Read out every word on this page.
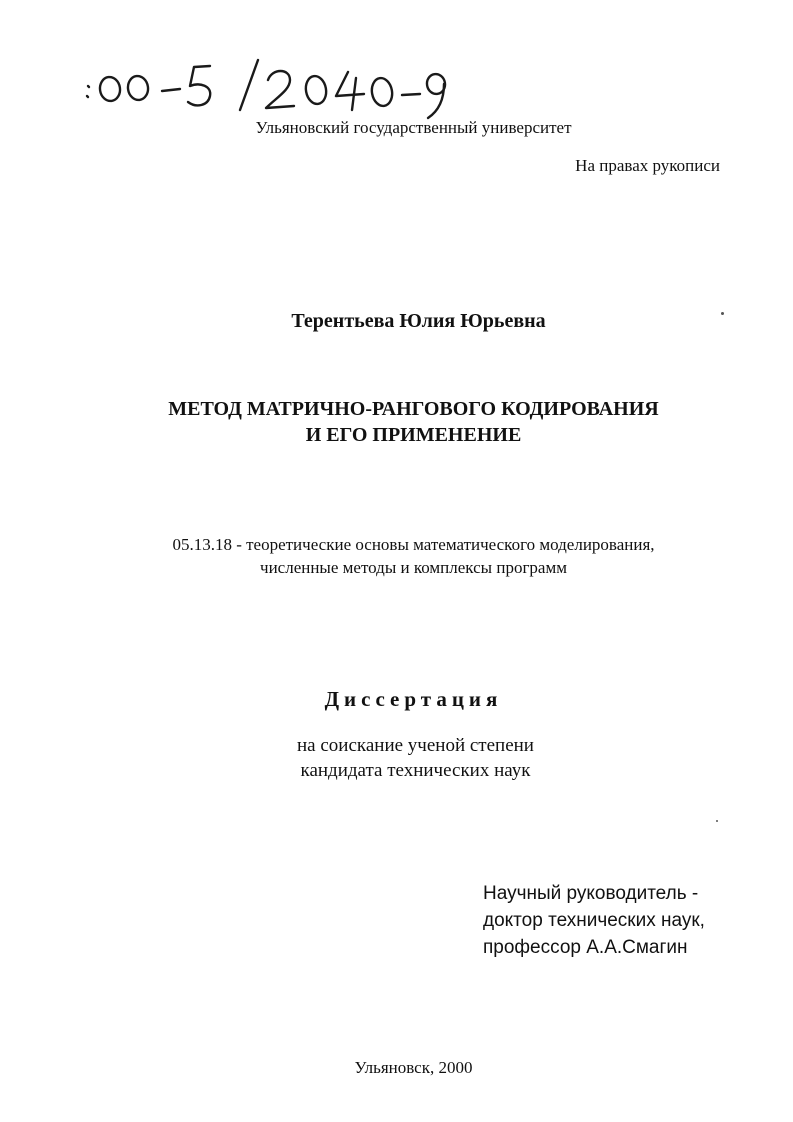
Ульяновский государственный университет
На правах рукописи
Терентьева Юлия Юрьевна
МЕТОД МАТРИЧНО-РАНГОВОГО КОДИРОВАНИЯ
И ЕГО ПРИМЕНЕНИЕ
05.13.18 - теоретические основы математического моделирования,
численные методы и комплексы программ
Диссертация
на соискание ученой степени
кандидата технических наук
Научный руководитель -
доктор технических наук,
профессор А.А.Смагин
Ульяновск, 2000
